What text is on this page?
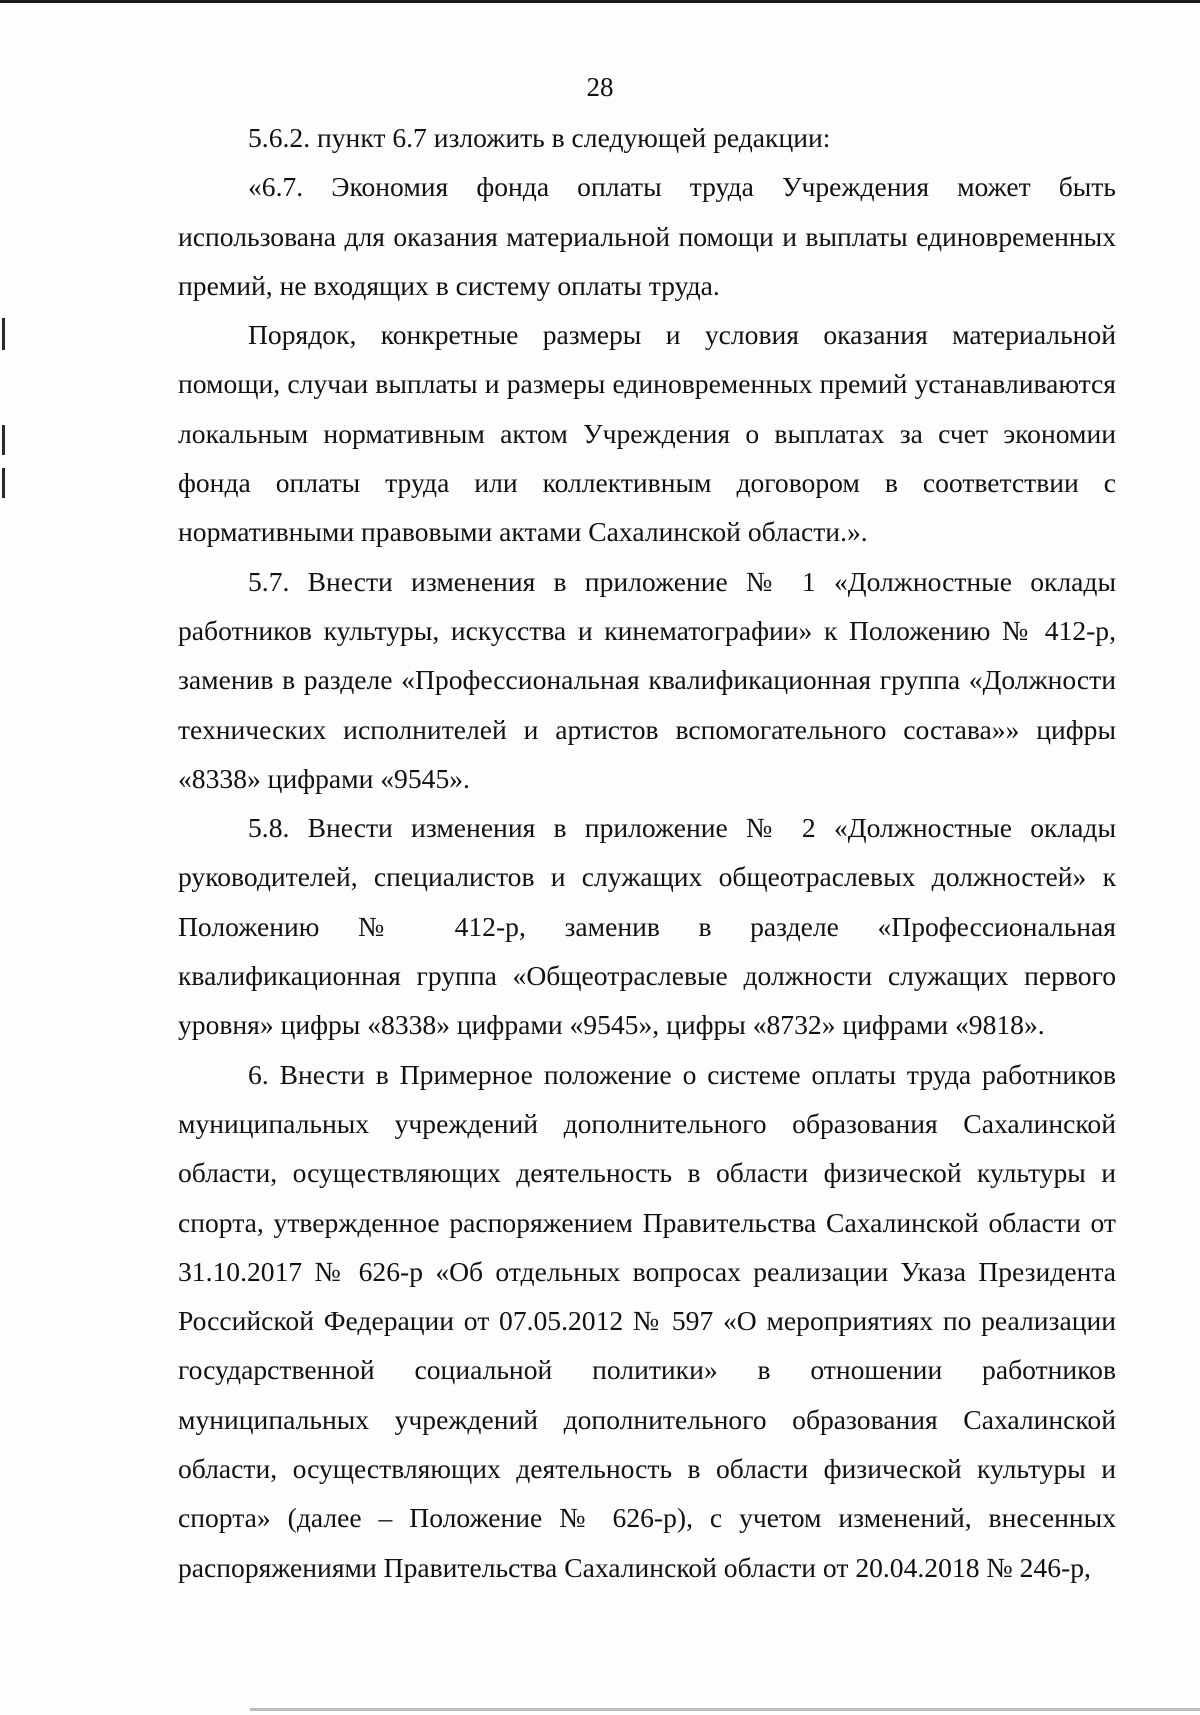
28

5.6.2. пункт 6.7 изложить в следующей редакции:

«6.7. Экономия фонда оплаты труда Учреждения может быть использована для оказания материальной помощи и выплаты единовременных премий, не входящих в систему оплаты труда.

Порядок, конкретные размеры и условия оказания материальной помощи, случаи выплаты и размеры единовременных премий устанавливаются локальным нормативным актом Учреждения о выплатах за счет экономии фонда оплаты труда или коллективным договором в соответствии с нормативными правовыми актами Сахалинской области.».

5.7. Внести изменения в приложение № 1 «Должностные оклады работников культуры, искусства и кинематографии» к Положению № 412-р, заменив в разделе «Профессиональная квалификационная группа «Должности технических исполнителей и артистов вспомогательного состава»» цифры «8338» цифрами «9545».

5.8. Внести изменения в приложение № 2 «Должностные оклады руководителей, специалистов и служащих общеотраслевых должностей» к Положению № 412-р, заменив в разделе «Профессиональная квалификационная группа «Общеотраслевые должности служащих первого уровня» цифры «8338» цифрами «9545», цифры «8732» цифрами «9818».

6. Внести в Примерное положение о системе оплаты труда работников муниципальных учреждений дополнительного образования Сахалинской области, осуществляющих деятельность в области физической культуры и спорта, утвержденное распоряжением Правительства Сахалинской области от 31.10.2017 № 626-р «Об отдельных вопросах реализации Указа Президента Российской Федерации от 07.05.2012 № 597 «О мероприятиях по реализации государственной социальной политики» в отношении работников муниципальных учреждений дополнительного образования Сахалинской области, осуществляющих деятельность в области физической культуры и спорта» (далее – Положение № 626-р), с учетом изменений, внесенных распоряжениями Правительства Сахалинской области от 20.04.2018 № 246-р,
